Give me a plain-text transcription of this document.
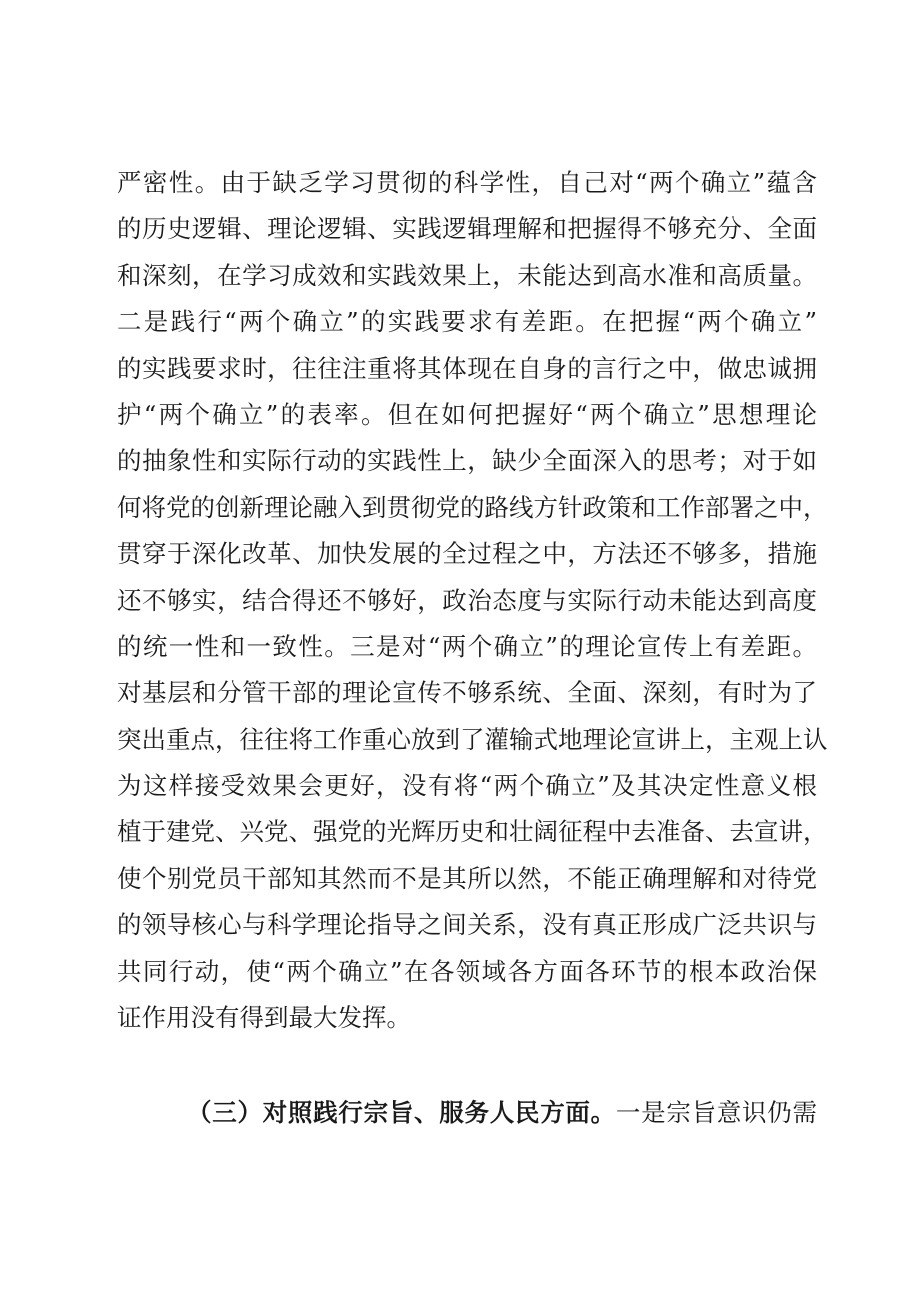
严密性。由于缺乏学习贯彻的科学性，自己对“两个确立”蕴含
的历史逻辑、理论逻辑、实践逻辑理解和把握得不够充分、全面
和深刻，在学习成效和实践效果上，未能达到高水准和高质量。
二是践行“两个确立”的实践要求有差距。在把握“两个确立”
的实践要求时，往往注重将其体现在自身的言行之中，做忠诚拥
护“两个确立”的表率。但在如何把握好“两个确立”思想理论
的抽象性和实际行动的实践性上，缺少全面深入的思考；对于如
何将党的创新理论融入到贯彻党的路线方针政策和工作部署之中，
贯穿于深化改革、加快发展的全过程之中，方法还不够多，措施
还不够实，结合得还不够好，政治态度与实际行动未能达到高度
的统一性和一致性。三是对“两个确立”的理论宣传上有差距。
对基层和分管干部的理论宣传不够系统、全面、深刻，有时为了
突出重点，往往将工作重心放到了灌输式地理论宣讲上，主观上认
为这样接受效果会更好，没有将“两个确立”及其决定性意义根
植于建党、兴党、强党的光辉历史和壮阔征程中去准备、去宣讲，
使个别党员干部知其然而不是其所以然，不能正确理解和对待党
的领导核心与科学理论指导之间关系，没有真正形成广泛共识与
共同行动，使“两个确立”在各领域各方面各环节的根本政治保
证作用没有得到最大发挥。
（三）对照践行宗旨、服务人民方面。一是宗旨意识仍需
